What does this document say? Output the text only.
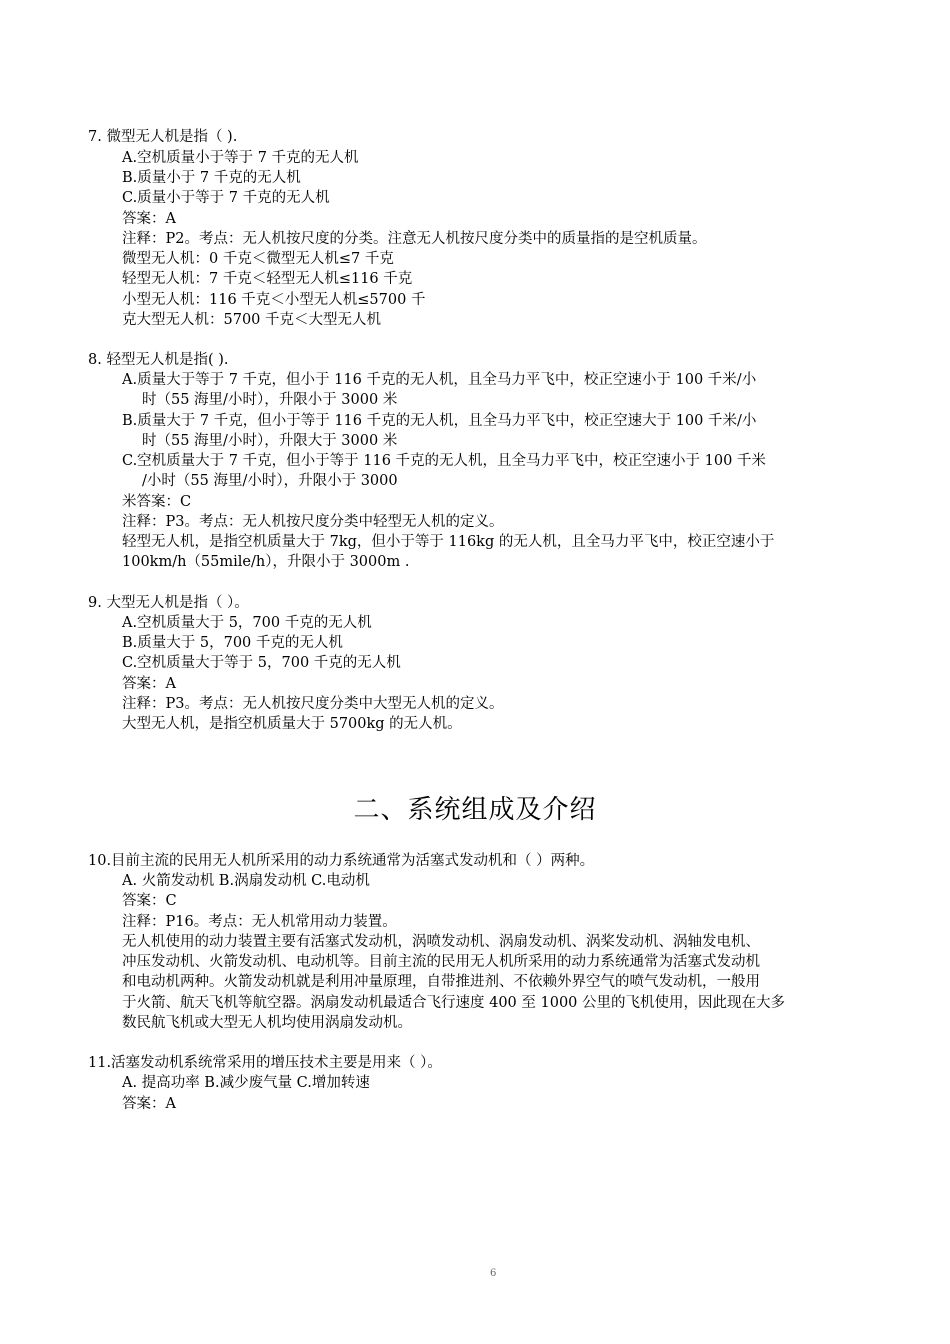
7. 微型无人机是指（ ).
A.空机质量小于等于 7 千克的无人机
B.质量小于 7 千克的无人机
C.质量小于等于 7 千克的无人机
答案：A
注释：P2。考点：无人机按尺度的分类。注意无人机按尺度分类中的质量指的是空机质量。
微型无人机：0 千克＜微型无人机≤7 千克
轻型无人机：7 千克＜轻型无人机≤116 千克
小型无人机：116 千克＜小型无人机≤5700 千
克大型无人机：5700 千克＜大型无人机
8. 轻型无人机是指( ).
A.质量大于等于 7 千克，但小于 116 千克的无人机，且全马力平飞中，校正空速小于 100 千米/小
时（55 海里/小时），升限小于 3000 米
B.质量大于 7 千克，但小于等于 116 千克的无人机，且全马力平飞中，校正空速大于 100 千米/小
时（55 海里/小时），升限大于 3000 米
C.空机质量大于 7 千克，但小于等于 116 千克的无人机，且全马力平飞中，校正空速小于 100 千米
/小时（55 海里/小时），升限小于 3000
米答案：C
注释：P3。考点：无人机按尺度分类中轻型无人机的定义。
轻型无人机，是指空机质量大于 7kg，但小于等于 116kg 的无人机，且全马力平飞中，校正空速小于
100km/h（55mile/h），升限小于 3000m .
9. 大型无人机是指（ ）。
A.空机质量大于 5，700 千克的无人机
B.质量大于 5，700 千克的无人机
C.空机质量大于等于 5，700 千克的无人机
答案：A
注释：P3。考点：无人机按尺度分类中大型无人机的定义。
大型无人机，是指空机质量大于 5700kg 的无人机。
二、系统组成及介绍
10.目前主流的民用无人机所采用的动力系统通常为活塞式发动机和（ ）两种。
A. 火箭发动机 B.涡扇发动机 C.电动机
答案：C
注释：P16。考点：无人机常用动力装置。
无人机使用的动力装置主要有活塞式发动机，涡喷发动机、涡扇发动机、涡桨发动机、涡轴发电机、
冲压发动机、火箭发动机、电动机等。目前主流的民用无人机所采用的动力系统通常为活塞式发动机
和电动机两种。火箭发动机就是利用冲量原理，自带推进剂、不依赖外界空气的喷气发动机，一般用
于火箭、航天飞机等航空器。涡扇发动机最适合飞行速度 400 至 1000 公里的飞机使用，因此现在大多
数民航飞机或大型无人机均使用涡扇发动机。
11.活塞发动机系统常采用的增压技术主要是用来（ ）。
A. 提高功率 B.减少废气量 C.增加转速
答案：A
6
